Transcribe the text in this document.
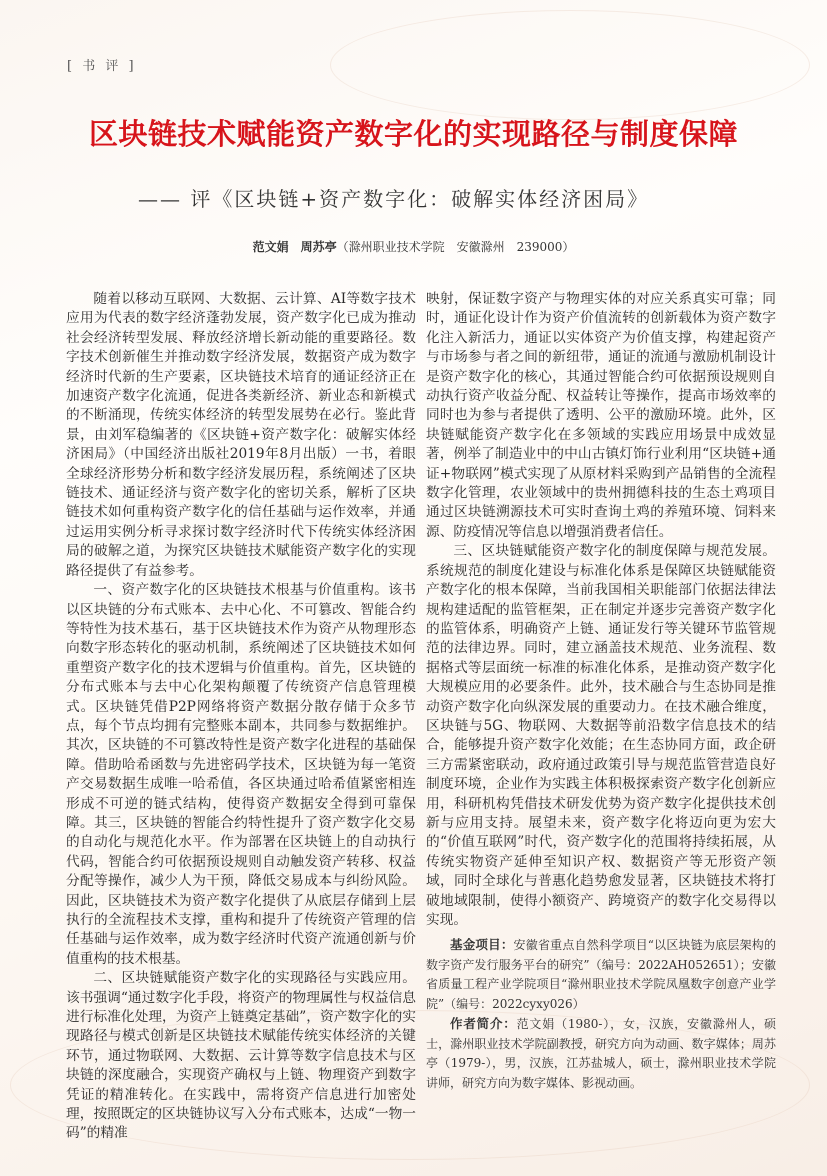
[ 书 评 ]
区块链技术赋能资产数字化的实现路径与制度保障
—— 评《区块链+资产数字化：破解实体经济困局》
范文娟　周苏亭（滁州职业技术学院　安徽滁州　239000）

随着以移动互联网、大数据、云计算、AI等数字技术应用为代表的数字经济蓬勃发展，资产数字化已成为推动社会经济转型发展、释放经济增长新动能的重要路径。数字技术创新催生并推动数字经济发展，数据资产成为数字经济时代新的生产要素，区块链技术培育的通证经济正在加速资产数字化流通，促进各类新经济、新业态和新模式的不断涌现，传统实体经济的转型发展势在必行。鉴此背景，由刘军稳编著的《区块链+资产数字化：破解实体经济困局》（中国经济出版社2019年8月出版）一书，着眼全球经济形势分析和数字经济发展历程，系统阐述了区块链技术、通证经济与资产数字化的密切关系，解析了区块链技术如何重构资产数字化的信任基础与运作效率，并通过运用实例分析寻求探讨数字经济时代下传统实体经济困局的破解之道，为探究区块链技术赋能资产数字化的实现路径提供了有益参考。

一、资产数字化的区块链技术根基与价值重构。该书以区块链的分布式账本、去中心化、不可篡改、智能合约等特性为技术基石，基于区块链技术作为资产从物理形态向数字形态转化的驱动机制，系统阐述了区块链技术如何重塑资产数字化的技术逻辑与价值重构。首先，区块链的分布式账本与去中心化架构颠覆了传统资产信息管理模式。区块链凭借P2P网络将资产数据分散存储于众多节点，每个节点均拥有完整账本副本，共同参与数据维护。其次，区块链的不可篡改特性是资产数字化进程的基础保障。借助哈希函数与先进密码学技术，区块链为每一笔资产交易数据生成唯一哈希值，各区块通过哈希值紧密相连形成不可逆的链式结构，使得资产数据安全得到可靠保障。其三，区块链的智能合约特性提升了资产数字化交易的自动化与规范化水平。作为部署在区块链上的自动执行代码，智能合约可依据预设规则自动触发资产转移、权益分配等操作，减少人为干预，降低交易成本与纠纷风险。因此，区块链技术为资产数字化提供了从底层存储到上层执行的全流程技术支撑，重构和提升了传统资产管理的信任基础与运作效率，成为数字经济时代资产流通创新与价值重构的技术根基。

二、区块链赋能资产数字化的实现路径与实践应用。该书强调“通过数字化手段，将资产的物理属性与权益信息进行标准化处理，为资产上链奠定基础”，资产数字化的实现路径与模式创新是区块链技术赋能传统实体经济的关键环节，通过物联网、大数据、云计算等数字信息技术与区块链的深度融合，实现资产确权与上链、物理资产到数字凭证的精准转化。在实践中，需将资产信息进行加密处理，按照既定的区块链协议写入分布式账本，达成“一物一码”的精准

映射，保证数字资产与物理实体的对应关系真实可靠；同时，通证化设计作为资产价值流转的创新载体为资产数字化注入新活力，通证以实体资产为价值支撑，构建起资产与市场参与者之间的新纽带，通证的流通与激励机制设计是资产数字化的核心，其通过智能合约可依据预设规则自动执行资产收益分配、权益转让等操作，提高市场效率的同时也为参与者提供了透明、公平的激励环境。此外，区块链赋能资产数字化在多领域的实践应用场景中成效显著，例举了制造业中的中山古镇灯饰行业利用“区块链+通证+物联网”模式实现了从原材料采购到产品销售的全流程数字化管理，农业领域中的贵州拥德科技的生态土鸡项目通过区块链溯源技术可实时查询土鸡的养殖环境、饲料来源、防疫情况等信息以增强消费者信任。

三、区块链赋能资产数字化的制度保障与规范发展。系统规范的制度化建设与标准化体系是保障区块链赋能资产数字化的根本保障，当前我国相关职能部门依据法律法规构建适配的监管框架，正在制定并逐步完善资产数字化的监管体系，明确资产上链、通证发行等关键环节监管规范的法律边界。同时，建立涵盖技术规范、业务流程、数据格式等层面统一标准的标准化体系，是推动资产数字化大规模应用的必要条件。此外，技术融合与生态协同是推动资产数字化向纵深发展的重要动力。在技术融合维度，区块链与5G、物联网、大数据等前沿数字信息技术的结合，能够提升资产数字化效能；在生态协同方面，政企研三方需紧密联动，政府通过政策引导与规范监管营造良好制度环境，企业作为实践主体积极探索资产数字化创新应用，科研机构凭借技术研发优势为资产数字化提供技术创新与应用支持。展望未来，资产数字化将迈向更为宏大的“价值互联网”时代，资产数字化的范围将持续拓展，从传统实物资产延伸至知识产权、数据资产等无形资产领域，同时全球化与普惠化趋势愈发显著，区块链技术将打破地域限制，使得小额资产、跨境资产的数字化交易得以实现。

基金项目：安徽省重点自然科学项目“以区块链为底层架构的数字资产发行服务平台的研究”（编号：2022AH052651）；安徽省质量工程产业学院项目“滁州职业技术学院凤凰数字创意产业学院”（编号：2022cyxy026）

作者简介：范文娟（1980-），女，汉族，安徽滁州人，硕士，滁州职业技术学院副教授，研究方向为动画、数字媒体；周苏亭（1979-），男，汉族，江苏盐城人，硕士，滁州职业技术学院讲师，研究方向为数字媒体、影视动画。
